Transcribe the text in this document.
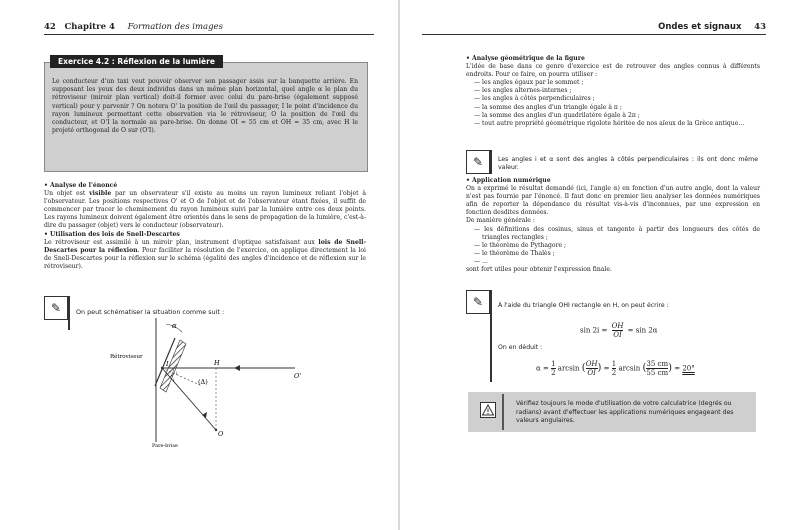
42 Chapitre 4 Formation des images
Exercice 4.2 : Réflexion de la lumière
Le conducteur d'un taxi veut pouvoir observer son passager assis sur la banquette arrière. En supposant les yeux des deux individus dans un même plan horizontal, quel angle α le plan du rétroviseur (miroir plan vertical) doit-il former avec celui du pare-brise (également supposé vertical) pour y parvenir ? On notera O' la position de l'œil du passager, I le point d'incidence du rayon lumineux permettant cette observation via le rétroviseur, O la position de l'œil du conducteur, et O'I la normale au pare-brise. On donne OI = 55 cm et OH = 35 cm, avec H le projeté orthogonal de O sur (O'I).
• Analyse de l'énoncé
Un objet est visible par un observateur s'il existe au moins un rayon lumineux reliant l'objet à l'observateur. Les positions respectives O' et O de l'objet et de l'observateur étant fixées, il suffit de commencer par tracer le cheminement du rayon lumineux suivi par la lumière entre ces deux points. Les rayons lumineux doivent également être orientés dans le sens de propagation de la lumière, c'est-à-dire du passager (objet) vers le conducteur (observateur).
• Utilisation des lois de Snell-Descartes
Le rétroviseur est assimilé à un miroir plan, instrument d'optique satisfaisant aux lois de Snell-Descartes pour la réflexion. Pour faciliter la résolution de l'exercice, on applique directement la loi de Snell-Descartes pour la réflexion sur le schéma (égalité des angles d'incidence et de réflexion sur le rétroviseur).
✎	On peut schématiser la situation comme suit :
Rétroviseur
Pare-brise
α
I	H
O'
O
(Δ)
i
i
Ondes et signaux 43
• Analyse géométrique de la figure
L'idée de base dans ce genre d'exercice est de retrouver des angles connus à différents endroits. Pour ce faire, on pourra utiliser :
— les angles égaux par le sommet ;
— les angles alternes-internes ;
— les angles à côtés perpendiculaires ;
— la somme des angles d'un triangle égale à π ;
— la somme des angles d'un quadrilatère égale à 2π ;
— tout autre propriété géométrique rigolote héritée de nos aïeux de la Grèce antique...
✎	Les angles i et α sont des angles à côtés perpendiculaires : ils ont donc même valeur.
• Application numérique
On a exprimé le résultat demandé (ici, l'angle α) en fonction d'un autre angle, dont la valeur n'est pas fournie par l'énoncé. Il faut donc en premier lieu analyser les données numériques afin de reporter la dépendance du résultat vis-à-vis d'inconnues, par une expression en fonction desdites données.
De manière générale :
— les définitions des cosinus, sinus et tangente à partir des longueurs des côtés de triangles rectangles ;
— le théorème de Pythagore ;
— le théorème de Thalès ;
— ...
sont fort utiles pour obtenir l'expression finale.
✎	À l'aide du triangle OHI rectangle en H, on peut écrire :
$\sin 2i = \frac{OH}{OI} = \sin 2\alpha$
On en déduit :
$\alpha = \frac{1}{2}$ arcsin ( $\frac{OH}{OI}$ ) = $\frac{1}{2}$ arcsin ( $\frac{35 cm}{55 cm}$ ) = 20°
Vérifiez toujours le mode d'utilisation de votre calculatrice (degrés ou radians) avant d'effectuer les applications numériques engageant des valeurs angulaires.
